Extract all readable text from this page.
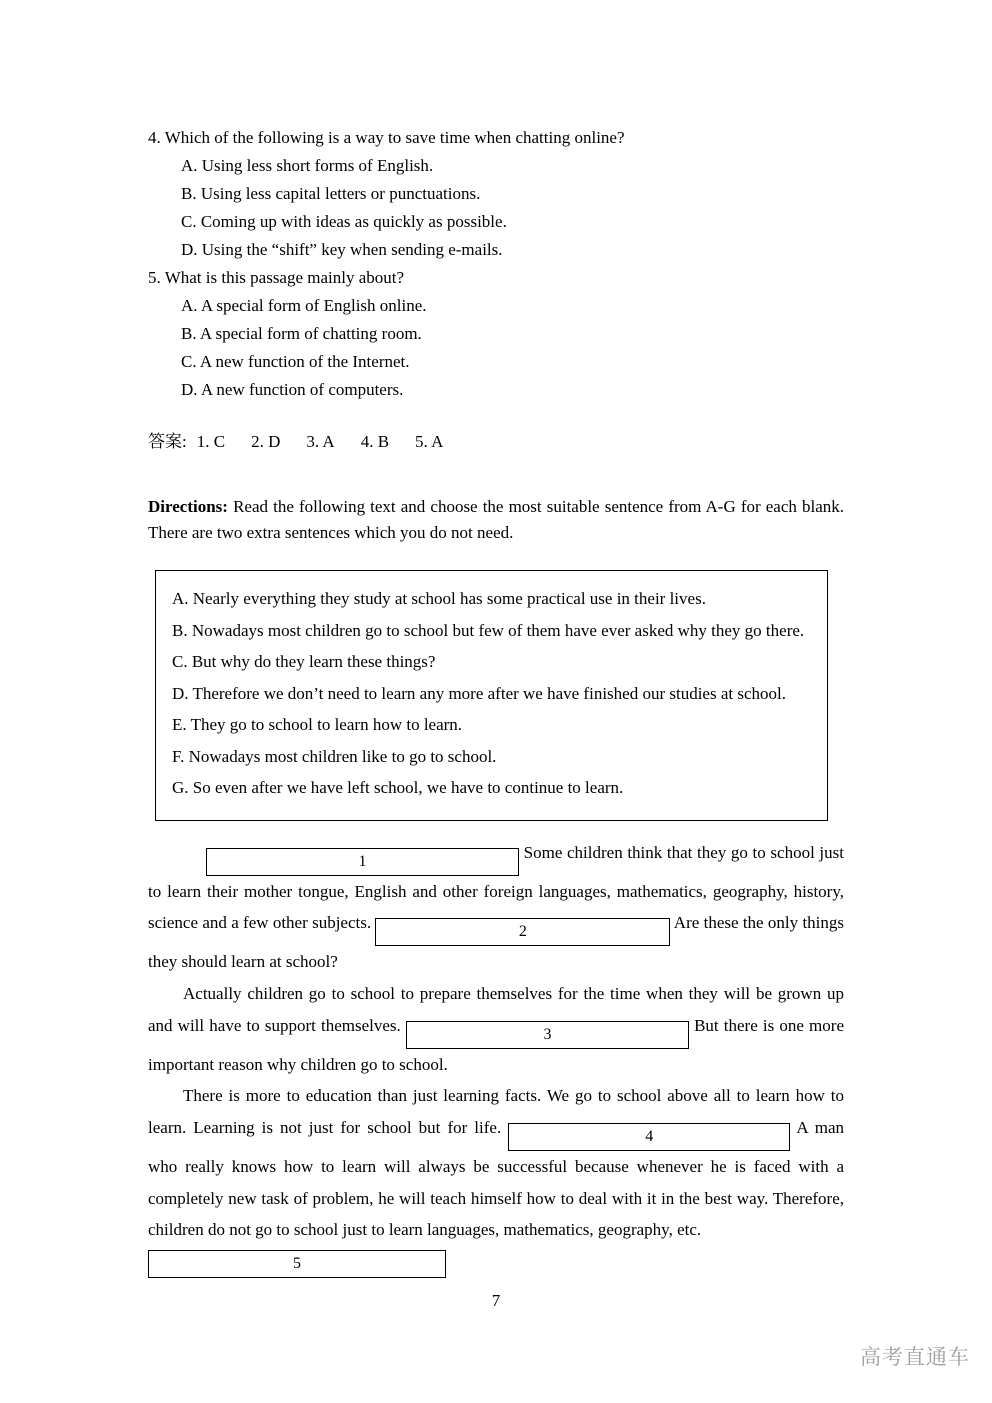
4. Which of the following is a way to save time when chatting online?
A. Using less short forms of English.
B. Using less capital letters or punctuations.
C. Coming up with ideas as quickly as possible.
D. Using the “shift” key when sending e-mails.
5. What is this passage mainly about?
A. A special form of English online.
B. A special form of chatting room.
C. A new function of the Internet.
D. A new function of computers.
答案: 1. C 2. D 3. A 4. B 5. A

Directions: Read the following text and choose the most suitable sentence from A-G for each blank. There are two extra sentences which you do not need.

A. Nearly everything they study at school has some practical use in their lives.
B. Nowadays most children go to school but few of them have ever asked why they go there.
C. But why do they learn these things?
D. Therefore we don’t need to learn any more after we have finished our studies at school.
E. They go to school to learn how to learn.
F. Nowadays most children like to go to school.
G. So even after we have left school, we have to continue to learn.

1	Some children think that they go to school just to learn their mother tongue, English and other foreign languages, mathematics, geography, history, science and a few other subjects.	2	Are these the only things they should learn at school?

Actually children go to school to prepare themselves for the time when they will be grown up and will have to support themselves.	3	But there is one more important reason why children go to school.

There is more to education than just learning facts. We go to school above all to learn how to learn. Learning is not just for school but for life.	4	A man who really knows how to learn will always be successful because whenever he is faced with a completely new task of problem, he will teach himself how to deal with it in the best way. Therefore, children do not go to school just to learn languages, mathematics, geography, etc.

5
7
高考直通车
